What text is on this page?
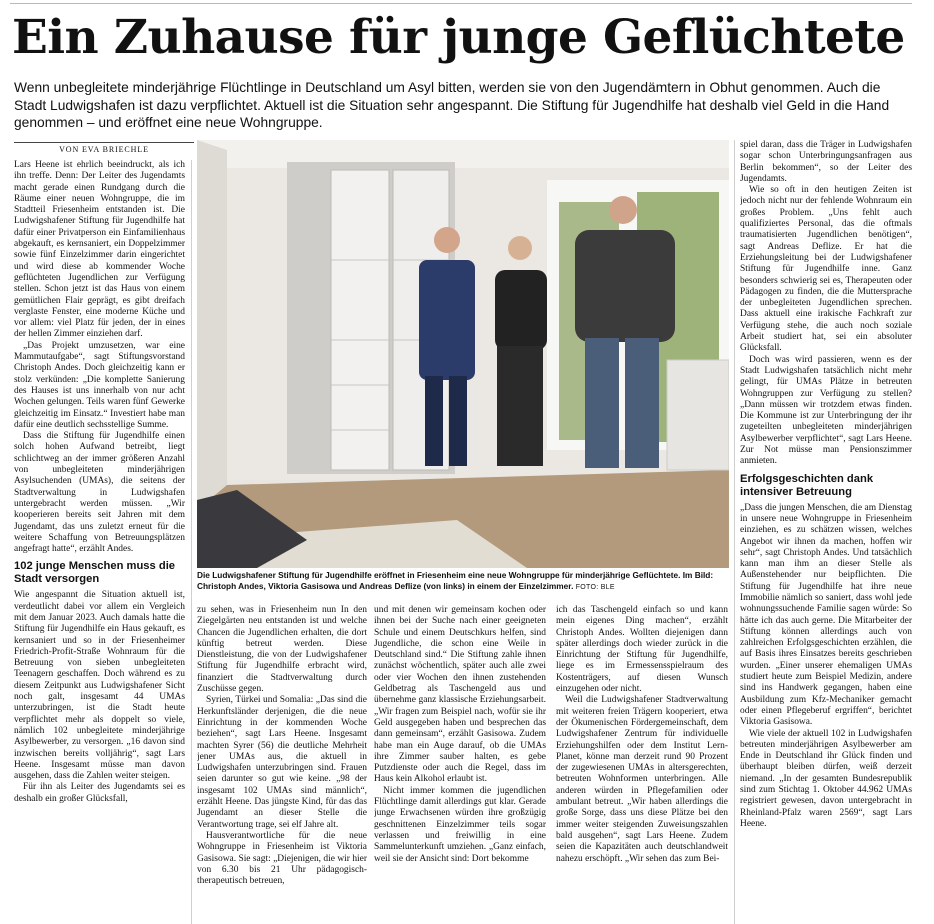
Ein Zuhause für junge Geflüchtete
Wenn unbegleitete minderjährige Flüchtlinge in Deutschland um Asyl bitten, werden sie von den Jugendämtern in Obhut genommen. Auch die Stadt Ludwigshafen ist dazu verpflichtet. Aktuell ist die Situation sehr angespannt. Die Stiftung für Jugendhilfe hat deshalb viel Geld in die Hand genommen – und eröffnet eine neue Wohngruppe.
VON EVA BRIECHLE

Lars Heene ist ehrlich beeindruckt, als ich ihn treffe. Denn: Der Leiter des Jugendamts macht gerade einen Rundgang durch die Räume einer neuen Wohngruppe, die im Stadtteil Friesenheim entstanden ist. Die Ludwigshafener Stiftung für Jugendhilfe hat dafür einer Privatperson ein Einfamilienhaus abgekauft, es kernsaniert, ein Doppelzimmer sowie fünf Einzelzimmer darin eingerichtet und wird diese ab kommender Woche geflüchteten Jugendlichen zur Verfügung stellen. Schon jetzt ist das Haus von einem gemütlichen Flair geprägt, es gibt dreifach verglaste Fenster, eine moderne Küche und vor allem: viel Platz für jeden, der in eines der hellen Zimmer einziehen darf.

„Das Projekt umzusetzen, war eine Mammutaufgabe“, sagt Stiftungsvorstand Christoph Andes. Doch gleichzeitig kann er stolz verkünden: „Die komplette Sanierung des Hauses ist uns innerhalb von nur acht Wochen gelungen. Teils waren fünf Gewerke gleichzeitig im Einsatz.“ Investiert habe man dafür eine deutlich sechsstellige Summe.

Dass die Stiftung für Jugendhilfe einen solch hohen Aufwand betreibt, liegt schlichtweg an der immer größeren Anzahl von unbegleiteten minderjährigen Asylsuchenden (UMAs), die seitens der Stadtverwaltung in Ludwigshafen untergebracht werden müssen. „Wir kooperieren bereits seit Jahren mit dem Jugendamt, das uns zuletzt erneut für die weitere Schaffung von Betreuungsplätzen angefragt hatte“, erzählt Andes.

102 junge Menschen muss die Stadt versorgen

Wie angespannt die Situation aktuell ist, verdeutlicht dabei vor allem ein Vergleich mit dem Januar 2023. Auch damals hatte die Stiftung für Jugendhilfe ein Haus gekauft, es kernsaniert und so in der Friesenheimer Friedrich-Profit-Straße Wohnraum für die Betreuung von sieben unbegleiteten Teenagern geschaffen. Doch während es zu diesem Zeitpunkt aus Ludwigshafener Sicht noch galt, insgesamt 44 UMAs unterzubringen, ist die Stadt heute verpflichtet mehr als doppelt so viele, nämlich 102 unbegleitete minderjährige Asylbewerber, zu versorgen. „16 davon sind inzwischen bereits volljährig“, sagt Lars Heene. Insgesamt müsse man davon ausgehen, dass die Zahlen weiter steigen.

Für ihn als Leiter des Jugendamts sei es deshalb ein großer Glücksfall,

Die Ludwigshafener Stiftung für Jugendhilfe eröffnet in Friesenheim eine neue Wohngruppe für minderjährige Geflüchtete. Im Bild: Christoph Andes, Viktoria Gasisowa und Andreas Deflize (von links) in einem der Einzelzimmer. FOTO: BLE

zu sehen, was in Friesenheim nun In den Ziegelgärten neu entstanden ist und welche Chancen die Jugendlichen erhalten, die dort künftig betreut werden. Diese Dienstleistung, die von der Ludwigshafener Stiftung für Jugendhilfe erbracht wird, finanziert die Stadtverwaltung durch Zuschüsse gegen.

Syrien, Türkei und Somalia: „Das sind die Herkunftsländer derjenigen, die die neue Einrichtung in der kommenden Woche beziehen“, sagt Lars Heene. Insgesamt machten Syrer (56) die deutliche Mehrheit jener UMAs aus, die aktuell in Ludwigshafen unterzubringen sind. Frauen seien darunter so gut wie keine. „98 der insgesamt 102 UMAs sind männlich“, erzählt Heene. Das jüngste Kind, für das das Jugendamt an dieser Stelle die Verantwortung trage, sei elf Jahre alt.

Hausverantwortliche für die neue Wohngruppe in Friesenheim ist Viktoria Gasisowa. Sie sagt: „Diejenigen, die wir hier von 6.30 bis 21 Uhr pädagogisch-therapeutisch betreuen,

und mit denen wir gemeinsam kochen oder ihnen bei der Suche nach einer geeigneten Schule und einem Deutschkurs helfen, sind Jugendliche, die schon eine Weile in Deutschland sind.“ Die Stiftung zahle ihnen zunächst wöchentlich, später auch alle zwei oder vier Wochen den ihnen zustehenden Geldbetrag als Taschengeld aus und übernehme ganz klassische Erziehungsarbeit. „Wir fragen zum Beispiel nach, wofür sie ihr Geld ausgegeben haben und besprechen das dann gemeinsam“, erzählt Gasisowa. Zudem habe man ein Auge darauf, ob die UMAs ihre Zimmer sauber halten, es gebe Putzdienste oder auch die Regel, dass im Haus kein Alkohol erlaubt ist.

Nicht immer kommen die jugendlichen Flüchtlinge damit allerdings gut klar. Gerade junge Erwachsenen würden ihre großzügig geschnittenen Einzelzimmer teils sogar verlassen und freiwillig in eine Sammelunterkunft umziehen. „Ganz einfach, weil sie der Ansicht sind: Dort bekomme

ich das Taschengeld einfach so und kann mein eigenes Ding machen“, erzählt Christoph Andes. Wollten diejenigen dann später allerdings doch wieder zurück in die Einrichtung der Stiftung für Jugendhilfe, liege es im Ermessensspielraum des Kostenträgers, auf diesen Wunsch einzugehen oder nicht.

Weil die Ludwigshafener Stadtverwaltung mit weiteren freien Trägern kooperiert, etwa der Ökumenischen Fördergemeinschaft, dem Ludwigshafener Zentrum für individuelle Erziehungshilfen oder dem Institut Lern-Planet, könne man derzeit rund 90 Prozent der zugewiesenen UMAs in altersgerechten, betreuten Wohnformen unterbringen. Alle anderen würden in Pflegefamilien oder ambulant betreut. „Wir haben allerdings die große Sorge, dass uns diese Plätze bei den immer weiter steigenden Zuweisungszahlen bald ausgehen“, sagt Lars Heene. Zudem seien die Kapazitäten auch deutschlandweit nahezu erschöpft. „Wir sehen das zum Bei-

spiel daran, dass die Träger in Ludwigshafen sogar schon Unterbringungsanfragen aus Berlin bekommen“, so der Leiter des Jugendamts.

Wie so oft in den heutigen Zeiten ist jedoch nicht nur der fehlende Wohnraum ein großes Problem. „Uns fehlt auch qualifiziertes Personal, das die oftmals traumatisierten Jugendlichen benötigen“, sagt Andreas Deflize. Er hat die Erziehungsleitung bei der Ludwigshafener Stiftung für Jugendhilfe inne. Ganz besonders schwierig sei es, Therapeuten oder Pädagogen zu finden, die die Muttersprache der unbegleiteten Jugendlichen sprechen. Dass aktuell eine irakische Fachkraft zur Verfügung stehe, die auch noch soziale Arbeit studiert hat, sei ein absoluter Glücksfall.

Doch was wird passieren, wenn es der Stadt Ludwigshafen tatsächlich nicht mehr gelingt, für UMAs Plätze in betreuten Wohngruppen zur Verfügung zu stellen? „Dann müssen wir trotzdem etwas finden. Die Kommune ist zur Unterbringung der ihr zugeteilten unbegleiteten minderjährigen Asylbewerber verpflichtet“, sagt Lars Heene. Zur Not müsse man Pensionszimmer anmieten.

Erfolgsgeschichten dank intensiver Betreuung

„Dass die jungen Menschen, die am Dienstag in unsere neue Wohngruppe in Friesenheim einziehen, es zu schätzen wissen, welches Angebot wir ihnen da machen, hoffen wir sehr“, sagt Christoph Andes. Und tatsächlich kann man ihm an dieser Stelle als Außenstehender nur beipflichten. Die Stiftung für Jugendhilfe hat ihre neue Immobilie nämlich so saniert, dass wohl jede wohnungssuchende Familie sagen würde: So hätte ich das auch gerne. Die Mitarbeiter der Stiftung können allerdings auch von zahlreichen Erfolgsgeschichten erzählen, die auf Basis ihres Einsatzes bereits geschrieben wurden. „Einer unserer ehemaligen UMAs studiert heute zum Beispiel Medizin, andere sind ins Handwerk gegangen, haben eine Ausbildung zum Kfz-Mechaniker gemacht oder einen Pflegeberuf ergriffen“, berichtet Viktoria Gasisowa.

Wie viele der aktuell 102 in Ludwigshafen betreuten minderjährigen Asylbewerber am Ende in Deutschland ihr Glück finden und überhaupt bleiben dürfen, weiß derzeit niemand. „In der gesamten Bundesrepublik sind zum Stichtag 1. Oktober 44.962 UMAs registriert gewesen, davon untergebracht in Rheinland-Pfalz waren 2569“, sagt Lars Heene.
